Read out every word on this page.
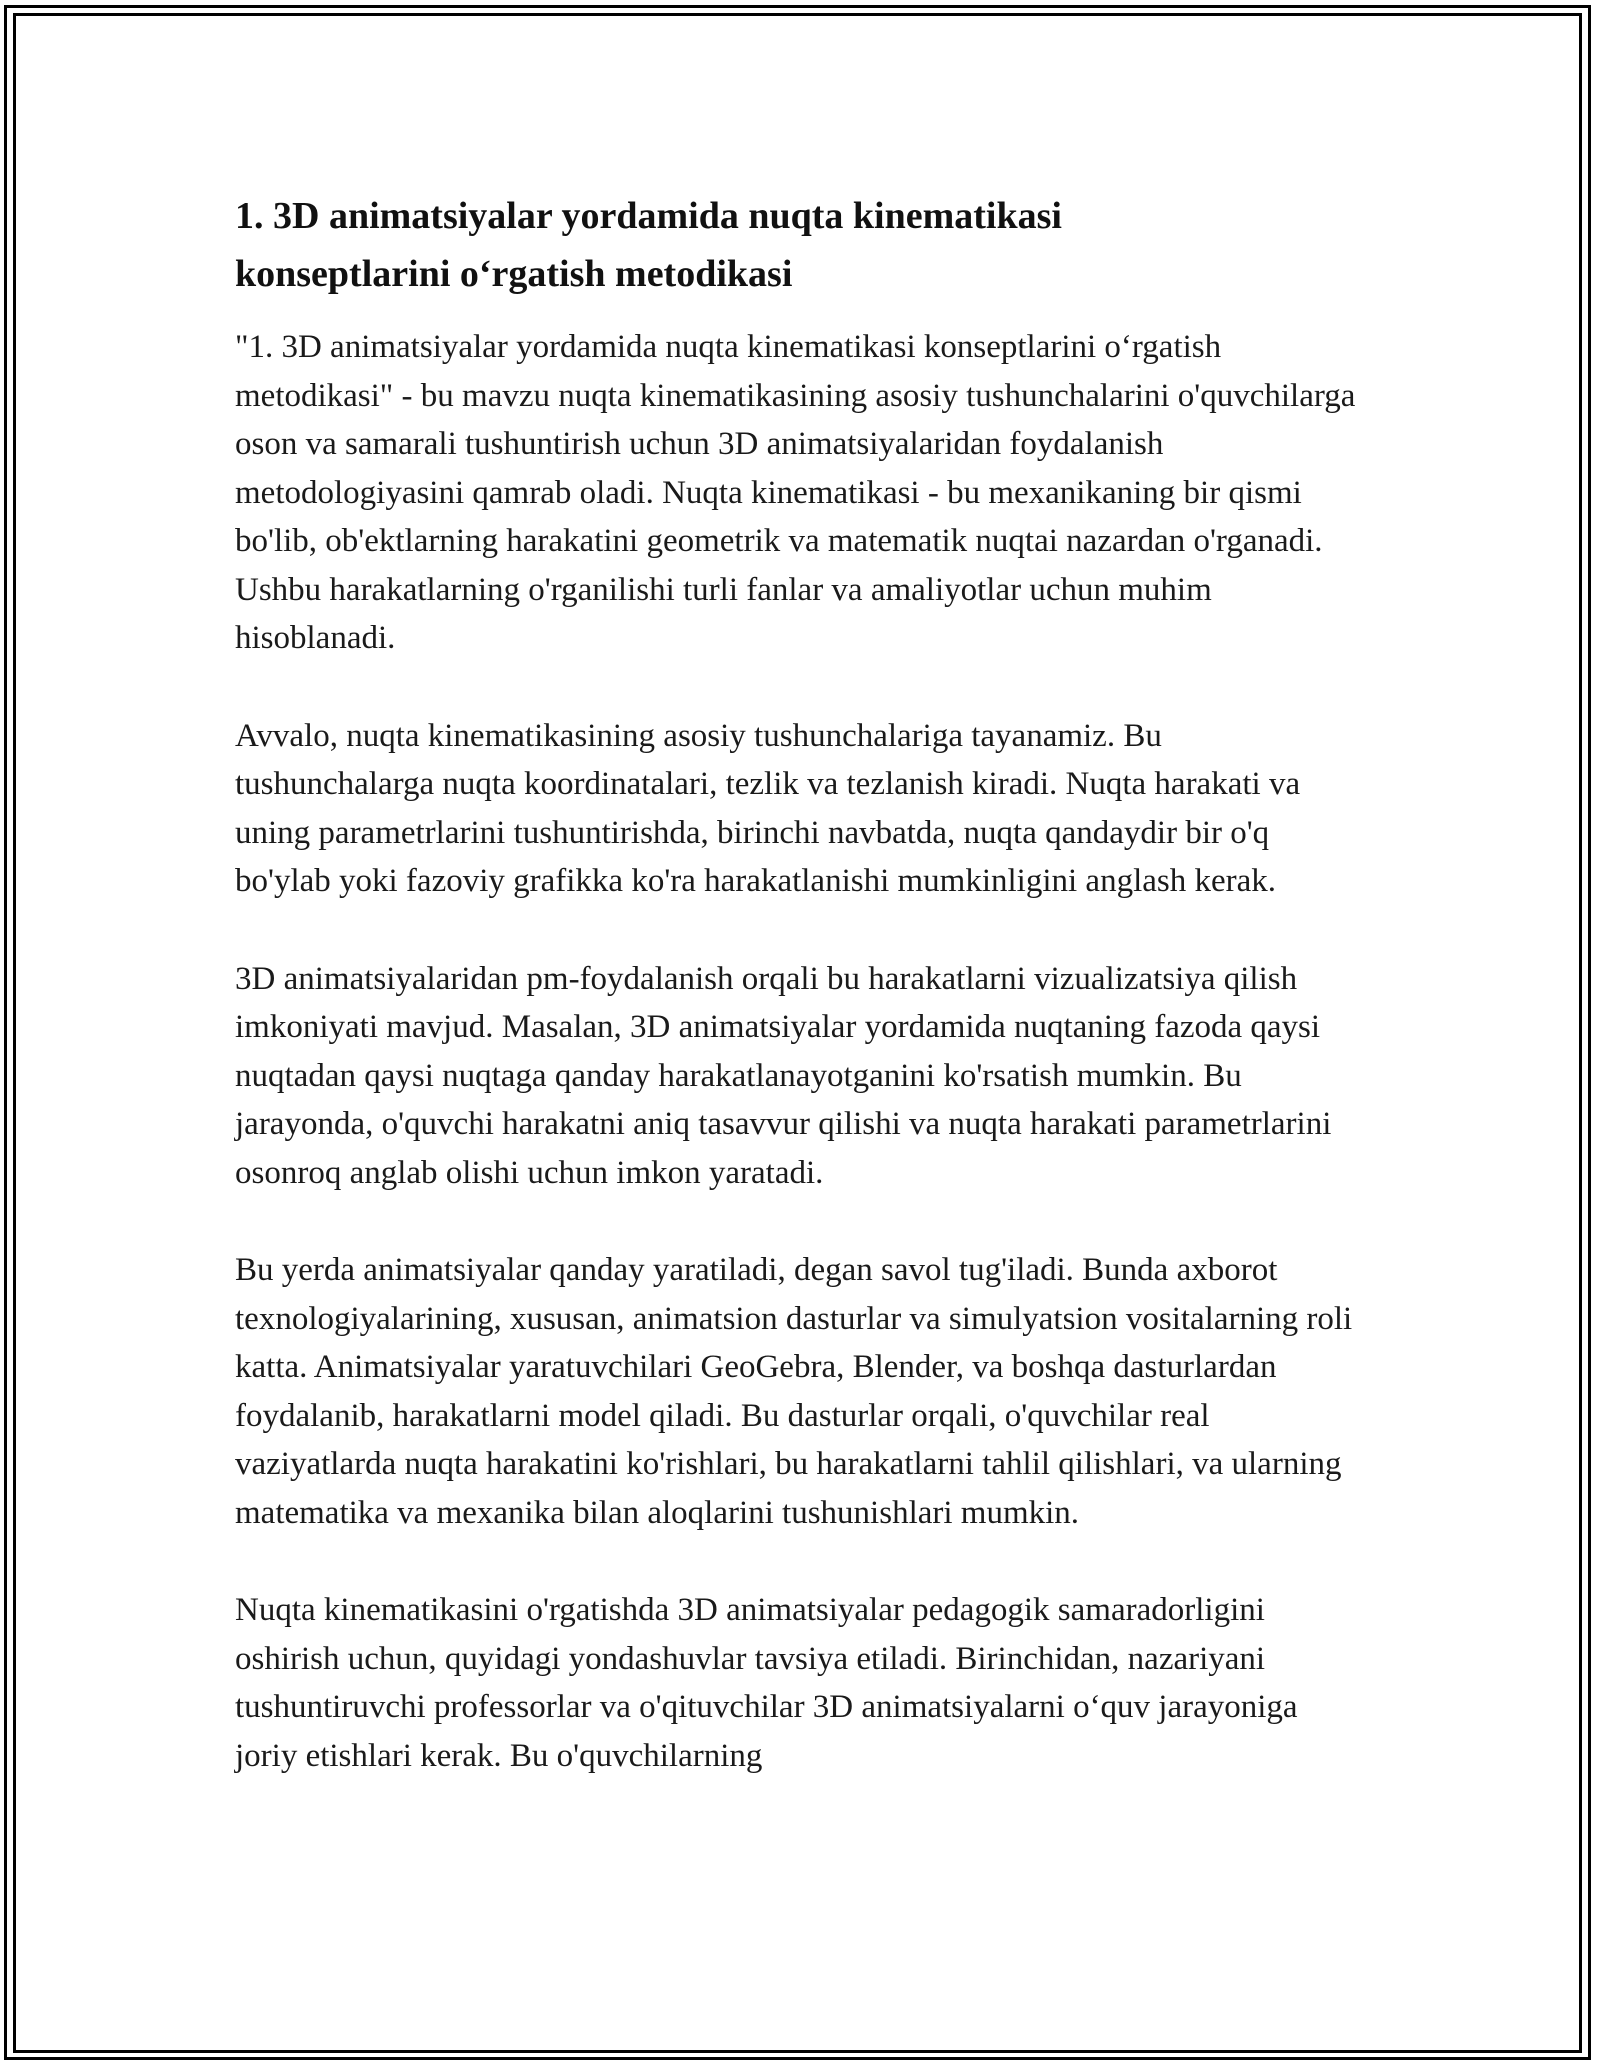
1. 3D animatsiyalar yordamida nuqta kinematikasi konseptlarini o‘rgatish metodikasi

"1. 3D animatsiyalar yordamida nuqta kinematikasi konseptlarini o‘rgatish metodikasi" - bu mavzu nuqta kinematikasining asosiy tushunchalarini o'quvchilarga oson va samarali tushuntirish uchun 3D animatsiyalaridan foydalanish metodologiyasini qamrab oladi. Nuqta kinematikasi - bu mexanikaning bir qismi bo'lib, ob'ektlarning harakatini geometrik va matematik nuqtai nazardan o'rganadi. Ushbu harakatlarning o'rganilishi turli fanlar va amaliyotlar uchun muhim hisoblanadi.

Avvalo, nuqta kinematikasining asosiy tushunchalariga tayanamiz. Bu tushunchalarga nuqta koordinatalari, tezlik va tezlanish kiradi. Nuqta harakati va uning parametrlarini tushuntirishda, birinchi navbatda, nuqta qandaydir bir o'q bo'ylab yoki fazoviy grafikka ko'ra harakatlanishi mumkinligini anglash kerak.

3D animatsiyalaridan pm-foydalanish orqali bu harakatlarni vizualizatsiya qilish imkoniyati mavjud. Masalan, 3D animatsiyalar yordamida nuqtaning fazoda qaysi nuqtadan qaysi nuqtaga qanday harakatlanayotganini ko'rsatish mumkin. Bu jarayonda, o'quvchi harakatni aniq tasavvur qilishi va nuqta harakati parametrlarini osonroq anglab olishi uchun imkon yaratadi.

Bu yerda animatsiyalar qanday yaratiladi, degan savol tug'iladi. Bunda axborot texnologiyalarining, xususan, animatsion dasturlar va simulyatsion vositalarning roli katta. Animatsiyalar yaratuvchilari GeoGebra, Blender, va boshqa dasturlardan foydalanib, harakatlarni model qiladi. Bu dasturlar orqali, o'quvchilar real vaziyatlarda nuqta harakatini ko'rishlari, bu harakatlarni tahlil qilishlari, va ularning matematika va mexanika bilan aloqlarini tushunishlari mumkin.

Nuqta kinematikasini o'rgatishda 3D animatsiyalar pedagogik samaradorligini oshirish uchun, quyidagi yondashuvlar tavsiya etiladi. Birinchidan, nazariyani tushuntiruvchi professorlar va o'qituvchilar 3D animatsiyalarni o‘quv jarayoniga joriy etishlari kerak. Bu o'quvchilarning
